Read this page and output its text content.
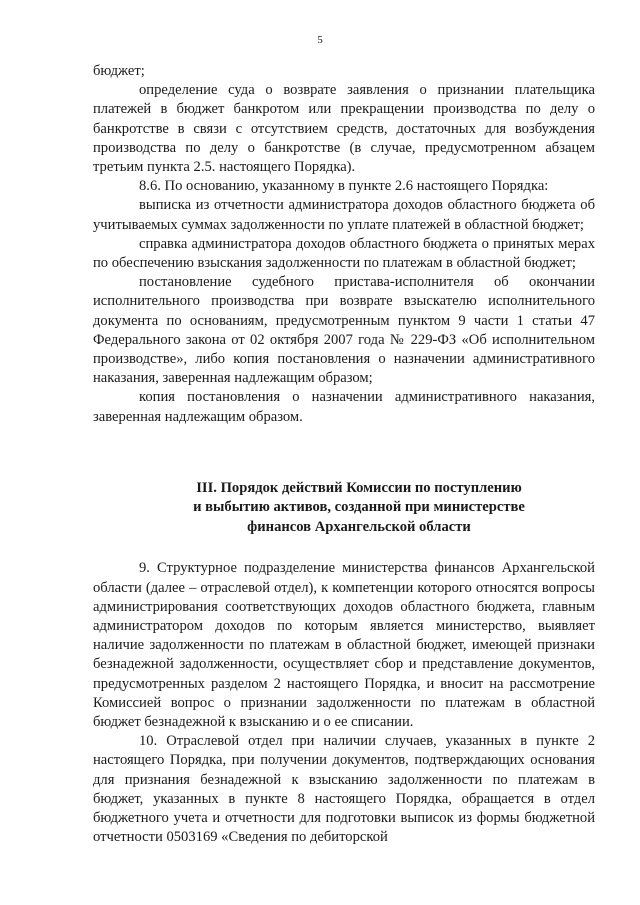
5

бюджет;

определение суда о возврате заявления о признании плательщика платежей в бюджет банкротом или прекращении производства по делу о банкротстве в связи с отсутствием средств, достаточных для возбуждения производства по делу о банкротстве (в случае, предусмотренном абзацем третьим пункта 2.5. настоящего Порядка).

8.6. По основанию, указанному в пункте 2.6 настоящего Порядка:

выписка из отчетности администратора доходов областного бюджета об учитываемых суммах задолженности по уплате платежей в областной бюджет;

справка администратора доходов областного бюджета о принятых мерах по обеспечению взыскания задолженности по платежам в областной бюджет;

постановление судебного пристава-исполнителя об окончании исполнительного производства при возврате взыскателю исполнительного документа по основаниям, предусмотренным пунктом 9 части 1 статьи 47 Федерального закона от 02 октября 2007 года № 229-ФЗ «Об исполнительном производстве», либо копия постановления о назначении административного наказания, заверенная надлежащим образом;

копия постановления о назначении административного наказания, заверенная надлежащим образом.

III. Порядок действий Комиссии по поступлению
и выбытию активов, созданной при министерстве
финансов Архангельской области

9. Структурное подразделение министерства финансов Архангельской области (далее – отраслевой отдел), к компетенции которого относятся вопросы администрирования соответствующих доходов областного бюджета, главным администратором доходов по которым является министерство, выявляет наличие задолженности по платежам в областной бюджет, имеющей признаки безнадежной задолженности, осуществляет сбор и представление документов, предусмотренных разделом 2 настоящего Порядка, и вносит на рассмотрение Комиссией вопрос о признании задолженности по платежам в областной бюджет безнадежной к взысканию и о ее списании.

10. Отраслевой отдел при наличии случаев, указанных в пункте 2 настоящего Порядка, при получении документов, подтверждающих основания для признания безнадежной к взысканию задолженности по платежам в бюджет, указанных в пункте 8 настоящего Порядка, обращается в отдел бюджетного учета и отчетности для подготовки выписок из формы бюджетной отчетности 0503169 «Сведения по дебиторской
